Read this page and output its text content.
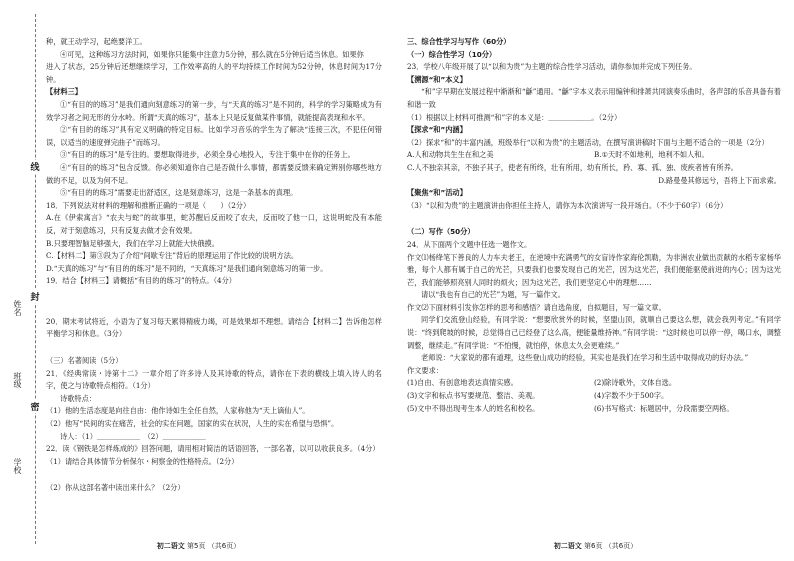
线
封
密
姓名
班级
学校

种，就王动学习，起绝要洋工。

④可见，这种练习方法时间，如果你只能集中注意力5分钟，那么就在5分钟后适当休息。如果你

进入了状态，25分钟后还想继续学习，工作效率高的人的平均持续工作时间为52分钟，休息时间为17分钟。

【材料三】

①“有目的的练习”是我们通向刻意练习的第一步，与“天真的练习”是不同的，科学的学习策略成为有效学习者之间无形的分水岭。所谓“天真的练习”，基本上只是反复做某件事情，就能提高表现和水平。

②“有目的的练习”具有定义明确的特定目标。比如学习音乐的学生为了解决“连接三次，不犯任何错误，以适当的速度弹完曲子”而练习。

③“有目的的练习”是专注的。要想取得进步，必须全身心地投入，专注于集中在你的任务上。

④“有目的的练习”包含反馈。你必须知道你自己是否做什么事情，都需要反馈来确定辨别你哪些地方做的不足，以及为何不足。

⑤“有目的的练习”需要走出舒适区，这是刻意练习，这是一条基本的真理。

18．下列说法对材料的理解和推断正确的一项是（　　）（2分）

A.在《伊索寓言》“农夫与蛇”的故事里，蛇苏醒后反而咬了农夫，反而咬了他一口，这说明蛇没有本能反，对于刻意练习，只有反复去做才会有效果。

B.只要理智脑足够强大，我们在学习上就能大快俄摸。

C.【材料二】第③段为了介绍“间歇专注”背后的原理运用了作比较的说明方法。

D.“天真的练习”与“有目的的练习”是不同的，“天真练习”是我们通向刻意练习的第一步。

19．结合【材料三】请概括“有目的的练习”的特点。（4分）

20．期末考试将近，小语为了复习每天累得精疲力竭，可是效果却不理想。请结合【材料二】告诉他怎样平衡学习和休息。（3分）

（三）名著阅读（5分）

21．《经典常读・诗第十二》一章介绍了许多诗人及其诗歌的特点，请你在下表的横线上填入诗人的名字，使之与诗歌特点相符。（1分）

诗歌特点：

（1）他的生活态度是向往自由：他作诗如生全任自然，人家称他为“天上谪仙人”。

（2）他写“民间的实在痛苦，社会的实在问题，国家的实在状况，人生的实在希望与恐惧”。

诗人：（1）＿＿＿＿＿＿　（2）＿＿＿＿＿＿

22．读《钢铁是怎样炼成的》回答问题，请用相对简洁的话语回答，一部名著，以可以收获良多。（4分）

（1）请结合具体情节分析保尔・柯察金的性格特点。（2分）

（2）你从这部名著中读出来什么？（2分）

初二语文 第5页 （共6页）

三、综合性学习与写作（60分）

（一）综合性学习（10分）

23．学校八年级开展了以“以和为贵”为主题的综合性学习活动，请你参加并完成下列任务。

【溯源“和”本义】

“和”字早期在发展过程中渐渐和“龢”通用。“龢”字本义表示用编钟和排萧共同演奏乐曲时，各声部的乐音具备有着和谐一致

（1）根据以上材料可推测“和”字的本义是：＿＿＿＿＿＿。（2分）

【探求“和”内涵】

（2）探求“和”的丰富内涵，班级举行“以和为贵”的主题活动，在撰写演讲稿时下面与主题不适合的一项是（2分）

A.人和动物共生生在和之美	B.①天时不如地利，地利不如人和。

C.人不独亲其亲，不独子其子，使老有所终，壮有所用，幼有所长，矜、寡、孤、独、废疾者皆有所养。

D.路曼曼其修远兮，吾将上下而求索。

【聚焦“和”活动】

（3）“以和为贵”的主题演讲由你担任主持人，请你为本次演讲写一段开场白。（不少于60字）（6分）

（二）写作（50分）

24．从下面两个文题中任选一题作文。

作文⑴杨绛笔下善良的人力车夫老王，在逆境中充满勇气的女盲诗作家海伦凯勒，为非洲农业做出贡献的水稻专家杨华雅，每个人都有属于自己的光芒，只要我们也要发现自己的光芒，因为这光芒，我们便能驱使前进的内心；因为这光芒，我们能够照亮别人同时的烦火；因为这光芒，我们更坚定心中的理想……

请以“我也有自己的光芒”为题，写一篇作文。

作文⑵下面材料引发你怎样的思考和感悟？请自选角度，自拟题目，写一篇文章。

同学们交流登山经验，有同学说：“想要欣赏外的时候，坚盟山顶，就顺自己要这么想，就会我列考定。”有同学说：“终到爬坡的时候，总觉得自己已经登了这么高，便能量维持神。”有同学说：“这时候也可以停一停，喝口水，调整调整，继续走。”有同学说：“不怕慢，就怕停，休息太久会更难续。”

老师说：“大家说的都有道理，这些登山成功的经验，其实也是我们在学习和生活中取得成功的好办法。”

作文要求：

(1)自由、有创意地表达真情实感。	(2)除诗歌外，文体自选。
(3)文字和标点书写要规范、整洁、美观。	(4)字数不少于500字。
(5)文中不得出现考生本人的姓名和校名。	(6)书写格式：标题居中，分段需要空两格。
初二语文 第6页 （共6页）
